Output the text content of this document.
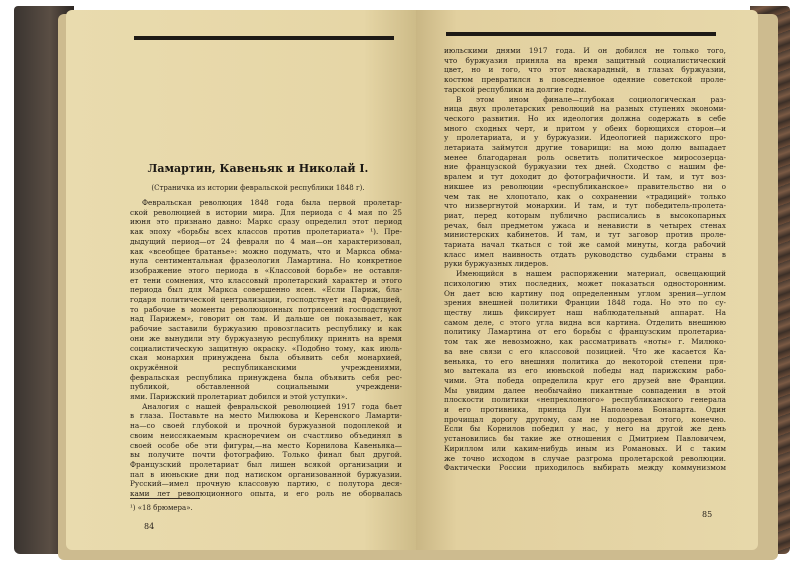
Ламартин, Кавеньяк и Николай I.
(Страничка из истории февральской республики 1848 г).
Февральская революция 1848 года была первой пролетар-
ской революцией в истории мира. Для периода с 4 мая по 25
июня это признано давно: Маркс сразу определил этот период
как эпоху «борьбы всех классов против пролетариата» ¹). Пре-
дыдущий период—от 24 февраля по 4 мая—он характеризовал,
как «всеобщее братанье»: можно подумать, что и Маркса обма-
нула сентиментальная фразеология Ламартина. Но конкретное
изображение этого периода в «Классовой борьбе» не оставля-
ет тени сомнения, что классовый пролетарский характер и этого
периода был для Маркса совершенно ясен. «Если Париж, бла-
годаря политической централизации, господствует над Францией,
то рабочие в моменты революционных потрясений господствуют
над Парижем», говорит он там. И дальше он показывает, как
рабочие заставили буржуазию провозгласить республику и как
они же вынудили эту буржуазную республику принять на время
социалистическую защитную окраску. «Подобно тому, как июль-
ская монархия принуждена была объявить себя монархией,
окружённой республиканскими учреждениями,
февральская республика принуждена была объявить себя рес-
публикой, обставленной социальными учреждени-
ями. Парижский пролетариат добился и этой уступки».
Аналогия с нашей февральской революцией 1917 года бьет
в глаза. Поставьте на место Милюкова и Керенского Ламарти-
на—со своей глубокой и прочной буржуазной подоплекой и
своим неиссякаемым красноречием он счастливо объединял в
своей особе обе эти фигуры,—на место Корнилова Кавеньяка—
вы получите почти фотографию. Только финал был другой.
Французский пролетариат был лишен всякой организации и
пал в июньские дни под натиском организованной буржуазии.
Русский—имел прочную классовую партию, с полутора деся-
ками лет революционного опыта, и его роль не оборвалась
¹) «18 брюмера».
84
июльскими днями 1917 года. И он добился не только того,
что буржуазия приняла на время защитный социалистический
цвет, но и того, что этот маскарадный, в глазах буржуазии,
костюм превратился в повседневное одеяние советской проле-
тарской республики на долгие годы.
В этом ином финале—глубокая социологическая раз-
ница двух пролетарских революций на разных ступенях экономи-
ческого развития. Но их идеология должна содержать в себе
много сходных черт, и притом у обеих борющихся сторон—и
у пролетариата, и у буржуазии. Идеологией парижского про-
летариата займутся другие товарищи: на мою долю выпадает
менее благодарная роль осветить политическое миросозерца-
ние французской буржуазии тех дней. Сходство с нашим фе-
вралем и тут доходит до фотографичности. И там, и тут воз-
никшее из революции «республиканское» правительство ни о
чем так не хлопотало, как о сохранении «традиций» только
что низвергнутой монархии. И там, и тут победитель-пролета-
риат, перед которым публично расписались в высокопарных
речах, был предметом ужаса и ненависти в четырех стенах
министерских кабинетов. И там, и тут заговор против проле-
тариата начал ткаться с той же самой минуты, когда рабочий
класс имел наивность отдать руководство судьбами страны в
руки буржуазных лидеров.
Имеющийся в нашем распоряжении материал, освещающий
психологию этих последних, может показаться односторонним.
Он дает всю картину под определенным углом зрения—углом
зрения внешней политики Франции 1848 года. Но это по су-
ществу лишь фиксирует наш наблюдательный аппарат. На
самом деле, с этого угла видна вся картина. Отделить внешнюю
политику Ламартина от его борьбы с французским пролетариа-
том так же невозможно, как рассматривать «ноты» г. Милюко-
ва вне связи с его классовой позицией. Что же касается Ка-
веньяка, то его внешняя политика до некоторой степени пря-
мо вытекала из его июньской победы над парижским рабо-
чими. Эта победа определила круг его друзей вне Франции.
Мы увидим далее необычайно пикантные совпадения в этой
плоскости политики «непреклонного» республиканского генерала
и его противника, принца Луи Наполеона Бонапарта. Один
прочищал дорогу другому, сам не подозревая этого, конечно.
Если бы Корнилов победил у нас, у него на другой же день
установились бы такие же отношения с Дмитрием Павловичем,
Кириллом или каким-нибудь иным из Романовых. И с таким
же точно исходом в случае разгрома пролетарской революции.
Фактически России приходилось выбирать между коммунизмом
85
